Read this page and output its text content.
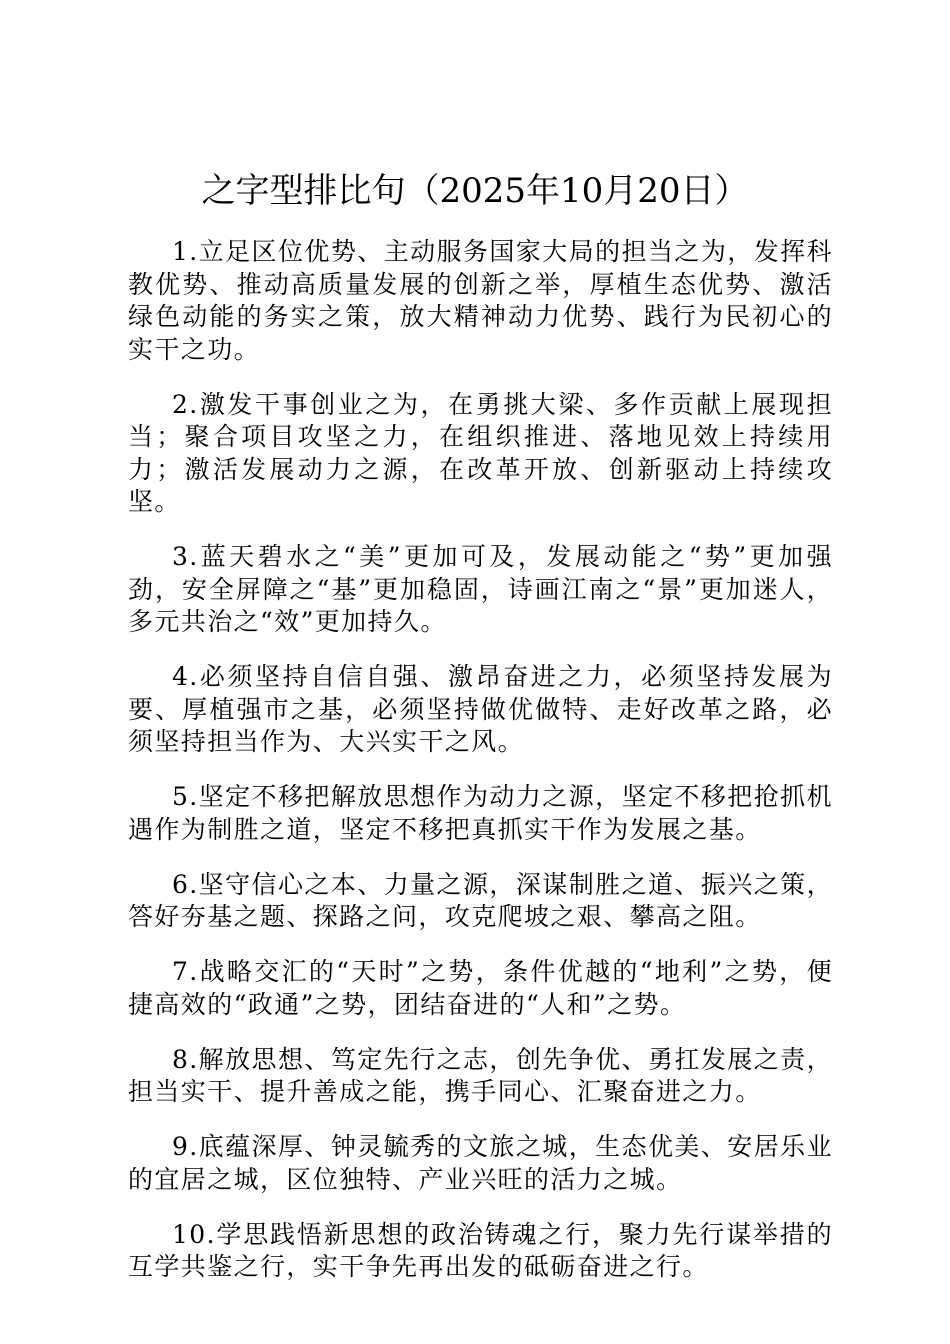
之字型排比句（2025年10月20日）

1.立足区位优势、主动服务国家大局的担当之为，发挥科教优势、推动高质量发展的创新之举，厚植生态优势、激活绿色动能的务实之策，放大精神动力优势、践行为民初心的实干之功。

2.激发干事创业之为，在勇挑大梁、多作贡献上展现担当；聚合项目攻坚之力，在组织推进、落地见效上持续用力；激活发展动力之源，在改革开放、创新驱动上持续攻坚。

3.蓝天碧水之“美”更加可及，发展动能之“势”更加强劲，安全屏障之“基”更加稳固，诗画江南之“景”更加迷人，多元共治之“效”更加持久。

4.必须坚持自信自强、激昂奋进之力，必须坚持发展为要、厚植强市之基，必须坚持做优做特、走好改革之路，必须坚持担当作为、大兴实干之风。

5.坚定不移把解放思想作为动力之源，坚定不移把抢抓机遇作为制胜之道，坚定不移把真抓实干作为发展之基。

6.坚守信心之本、力量之源，深谋制胜之道、振兴之策，答好夯基之题、探路之问，攻克爬坡之艰、攀高之阻。

7.战略交汇的“天时”之势，条件优越的“地利”之势，便捷高效的“政通”之势，团结奋进的“人和”之势。

8.解放思想、笃定先行之志，创先争优、勇扛发展之责，担当实干、提升善成之能，携手同心、汇聚奋进之力。

9.底蕴深厚、钟灵毓秀的文旅之城，生态优美、安居乐业的宜居之城，区位独特、产业兴旺的活力之城。

10.学思践悟新思想的政治铸魂之行，聚力先行谋举措的互学共鉴之行，实干争先再出发的砥砺奋进之行。
